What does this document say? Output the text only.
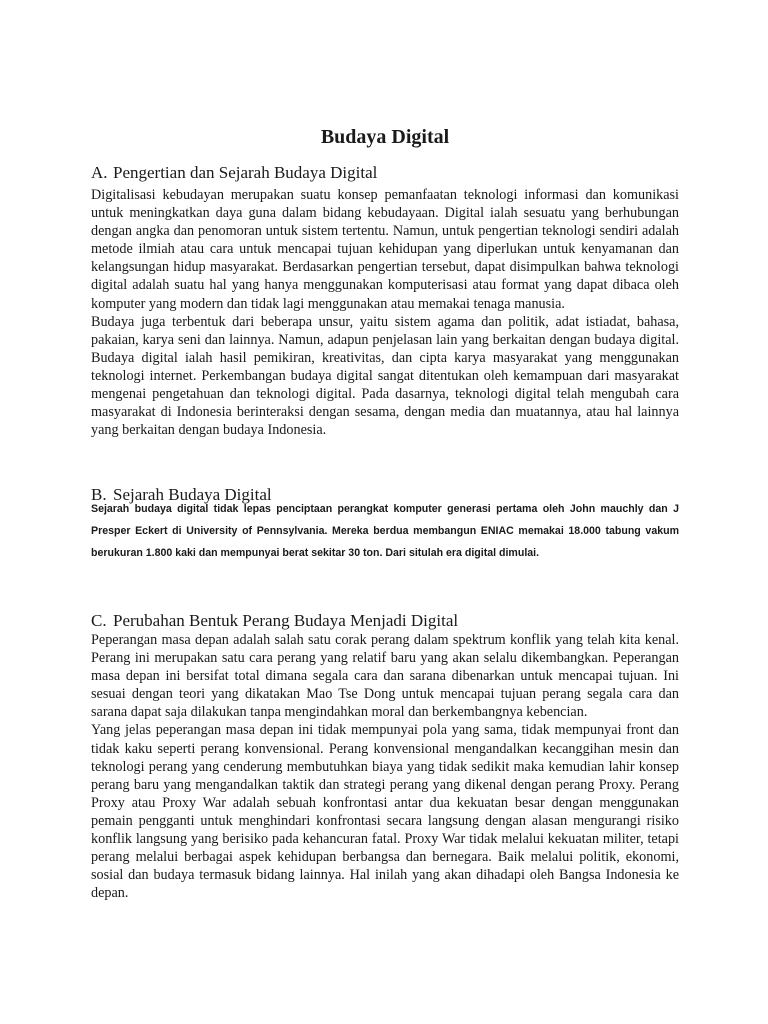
Budaya Digital
A. Pengertian dan Sejarah Budaya Digital

Digitalisasi kebudayan merupakan suatu konsep pemanfaatan teknologi informasi dan komunikasi untuk meningkatkan daya guna dalam bidang kebudayaan. Digital ialah sesuatu yang berhubungan dengan angka dan penomoran untuk sistem tertentu. Namun, untuk pengertian teknologi sendiri adalah metode ilmiah atau cara untuk mencapai tujuan kehidupan yang diperlukan untuk kenyamanan dan kelangsungan hidup masyarakat. Berdasarkan pengertian tersebut, dapat disimpulkan bahwa teknologi digital adalah suatu hal yang hanya menggunakan komputerisasi atau format yang dapat dibaca oleh komputer yang modern dan tidak lagi menggunakan atau memakai tenaga manusia.

Budaya juga terbentuk dari beberapa unsur, yaitu sistem agama dan politik, adat istiadat, bahasa, pakaian, karya seni dan lainnya. Namun, adapun penjelasan lain yang berkaitan dengan budaya digital. Budaya digital ialah hasil pemikiran, kreativitas, dan cipta karya masyarakat yang menggunakan teknologi internet. Perkembangan budaya digital sangat ditentukan oleh kemampuan dari masyarakat mengenai pengetahuan dan teknologi digital. Pada dasarnya, teknologi digital telah mengubah cara masyarakat di Indonesia berinteraksi dengan sesama, dengan media dan muatannya, atau hal lainnya yang berkaitan dengan budaya Indonesia.

B. Sejarah Budaya Digital

Sejarah budaya digital tidak lepas penciptaan perangkat komputer generasi pertama oleh John mauchly dan J Presper Eckert di University of Pennsylvania. Mereka berdua membangun ENIAC memakai 18.000 tabung vakum berukuran 1.800 kaki dan mempunyai berat sekitar 30 ton. Dari situlah era digital dimulai.

C. Perubahan Bentuk Perang Budaya Menjadi Digital

Peperangan masa depan adalah salah satu corak perang dalam spektrum konflik yang telah kita kenal. Perang ini merupakan satu cara perang yang relatif baru yang akan selalu dikembangkan. Peperangan masa depan ini bersifat total dimana segala cara dan sarana dibenarkan untuk mencapai tujuan. Ini sesuai dengan teori yang dikatakan Mao Tse Dong untuk mencapai tujuan perang segala cara dan sarana dapat saja dilakukan tanpa mengindahkan moral dan berkembangnya kebencian.

Yang jelas peperangan masa depan ini tidak mempunyai pola yang sama, tidak mempunyai front dan tidak kaku seperti perang konvensional. Perang konvensional mengandalkan kecanggihan mesin dan teknologi perang yang cenderung membutuhkan biaya yang tidak sedikit maka kemudian lahir konsep perang baru yang mengandalkan taktik dan strategi perang yang dikenal dengan perang Proxy. Perang Proxy atau Proxy War adalah sebuah konfrontasi antar dua kekuatan besar dengan menggunakan pemain pengganti untuk menghindari konfrontasi secara langsung dengan alasan mengurangi risiko konflik langsung yang berisiko pada kehancuran fatal. Proxy War tidak melalui kekuatan militer, tetapi perang melalui berbagai aspek kehidupan berbangsa dan bernegara. Baik melalui politik, ekonomi, sosial dan budaya termasuk bidang lainnya. Hal inilah yang akan dihadapi oleh Bangsa Indonesia ke depan.
